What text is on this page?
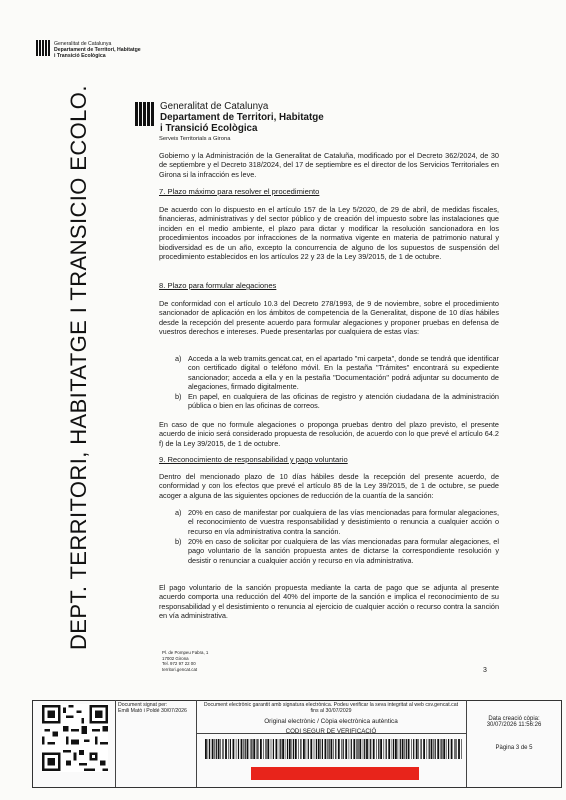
Generalitat de Catalunya
Departament de Territori, Habitatge
i Transició Ecològica
DEPT. TERRITORI, HABITATGE I TRANSICIO ECOLO.	Generalitat de Catalunya
Departament de Territori, Habitatge
i Transició Ecològica
Serveis Territorials a Girona

Gobierno y la Administración de la Generalitat de Cataluña, modificado por el Decreto 362/2024, de 30 de septiembre y el Decreto 318/2024, del 17 de septiembre es el director de los Servicios Territoriales en Girona si la infracción es leve.

7. Plazo máximo para resolver el procedimiento

De acuerdo con lo dispuesto en el artículo 157 de la Ley 5/2020, de 29 de abril, de medidas fiscales, financieras, administrativas y del sector público y de creación del impuesto sobre las instalaciones que inciden en el medio ambiente, el plazo para dictar y modificar la resolución sancionadora en los procedimientos incoados por infracciones de la normativa vigente en materia de patrimonio natural y biodiversidad es de un año, excepto la concurrencia de alguno de los supuestos de suspensión del procedimiento establecidos en los artículos 22 y 23 de la Ley 39/2015, de 1 de octubre.

8. Plazo para formular alegaciones

De conformidad con el artículo 10.3 del Decreto 278/1993, de 9 de noviembre, sobre el procedimiento sancionador de aplicación en los ámbitos de competencia de la Generalitat, dispone de 10 días hábiles desde la recepción del presente acuerdo para formular alegaciones y proponer pruebas en defensa de vuestros derechos e intereses. Puede presentarlas por cualquiera de estas vías:

a) Acceda a la web tramits.gencat.cat, en el apartado "mi carpeta", donde se tendrá que identificar con certificado digital o teléfono móvil. En la pestaña "Trámites" encontrará su expediente sancionador; acceda a ella y en la pestaña "Documentación" podrá adjuntar su documento de alegaciones, firmado digitalmente.
b) En papel, en cualquiera de las oficinas de registro y atención ciudadana de la administración pública o bien en las oficinas de correos.

En caso de que no formule alegaciones o proponga pruebas dentro del plazo previsto, el presente acuerdo de inicio será considerado propuesta de resolución, de acuerdo con lo que prevé el artículo 64.2 f) de la Ley 39/2015, de 1 de octubre.

9. Reconocimiento de responsabilidad y pago voluntario

Dentro del mencionado plazo de 10 días hábiles desde la recepción del presente acuerdo, de conformidad y con los efectos que prevé el artículo 85 de la Ley 39/2015, de 1 de octubre, se puede acoger a alguna de las siguientes opciones de reducción de la cuantía de la sanción:

a) 20% en caso de manifestar por cualquiera de las vías mencionadas para formular alegaciones, el reconocimiento de vuestra responsabilidad y desistimiento o renuncia a cualquier acción o recurso en vía administrativa contra la sanción.
b) 20% en caso de solicitar por cualquiera de las vías mencionadas para formular alegaciones, el pago voluntario de la sanción propuesta antes de dictarse la correspondiente resolución y desistir o renunciar a cualquier acción y recurso en vía administrativa.

El pago voluntario de la sanción propuesta mediante la carta de pago que se adjunta al presente acuerdo comporta una reducción del 40% del importe de la sanción e implica el reconocimiento de su responsabilidad y el desistimiento o renuncia al ejercicio de cualquier acción o recurso contra la sanción en vía administrativa.

Pl. de Pompeu Fabra, 1
17002 Girona
Tel. 972 97 22 00
territori.gencat.cat	3
Document signat per:
Emili Matò i Poldé 30/07/2026
Document electrònic garantit amb signatura electrònica. Podeu verificar la seva integritat al web csv.gencat.cat fins al 30/07/2029
Original electrònic / Còpia electrònica autèntica
CODI SEGUR DE VERIFICACIÓ
Data creació còpia:
30/07/2026 11:56:26
Pàgina 3 de 5
